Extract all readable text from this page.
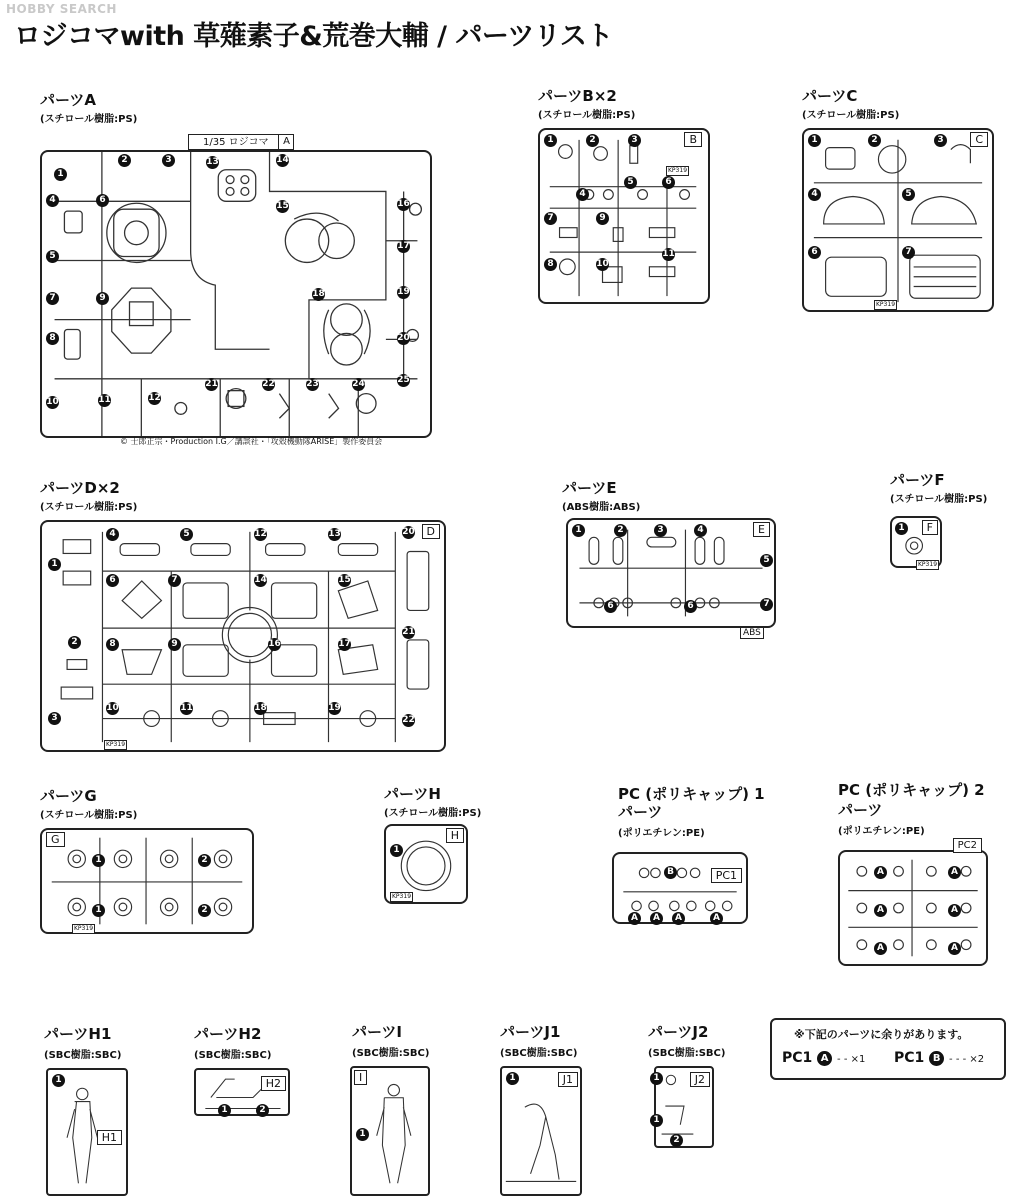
HOBBY SEARCH
ロジコマwith 草薙素子&荒巻大輔 / パーツリスト
パーツA
(スチロール樹脂:PS)
1/35 ロジコマ	A
1
2	3
4
5
6
7
8
9
10	11	12
13	14
15	16
17
18	19
20
21	22	23	24	25
© 士郎正宗・Production I.G／講談社・「攻殻機動隊ARISE」製作委員会
パーツB×2
(スチロール樹脂:PS)
B
1	2	3
4
5	6
7
8
9
10
11
KP319
パーツC
(スチロール樹脂:PS)
C
1	2	3
4	5
6	7
KP319
パーツD×2
(スチロール樹脂:PS)
D
1
2
3
4	5
6	7
8	9
10	11
12	13
14	15
16	17
18	19
20
21
22
KP319
パーツE
(ABS樹脂:ABS)
E
1	2	3	4
5
6	6	7
ABS
パーツF
(スチロール樹脂:PS)
F
1
KP319
パーツG
(スチロール樹脂:PS)
G
1	2
1	2
KP319
パーツH
(スチロール樹脂:PS)
H
1
KP319
PC (ポリキャップ) 1
パーツ
(ポリエチレン:PE)
PC1
B
A	A	A	A
PC (ポリキャップ) 2
パーツ
(ポリエチレン:PE)
PC2
A	A
A	A
A	A
パーツH1
(SBC樹脂:SBC)
H1
1
パーツH2
(SBC樹脂:SBC)
H2
1	2
パーツI
(SBC樹脂:SBC)
I
1
パーツJ1
(SBC樹脂:SBC)
J1
1
パーツJ2
(SBC樹脂:SBC)
J2
1
1
2
※下記のパーツに余りがあります。
PC1 A - - ×1 PC1 B - - - ×2
